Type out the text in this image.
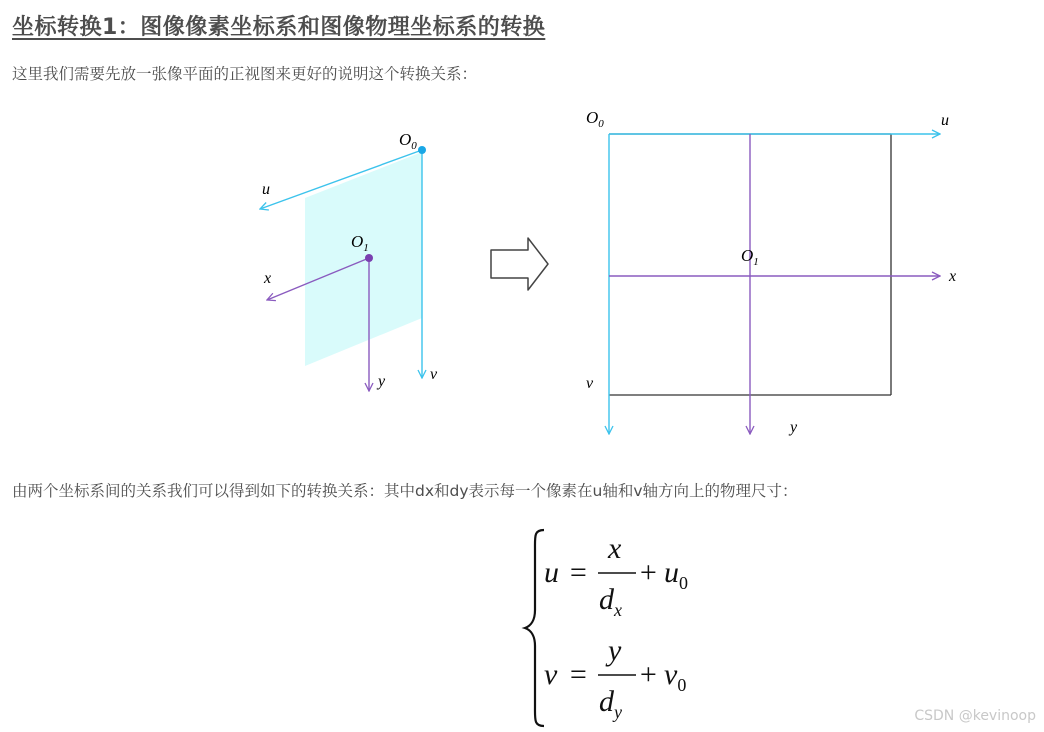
坐标转换1：图像像素坐标系和图像物理坐标系的转换

这里我们需要先放一张像平面的正视图来更好的说明这个转换关系：

$O_0$
$O_1$
u
x
y	v
$O_0$
$O_1$
u
x
v
y

由两个坐标系间的关系我们可以得到如下的转换关系：其中dx和dy表示每一个像素在u轴和v轴方向上的物理尺寸：

u =
x
$d_x$
+ $u_0$
v =
y
$d_y$
+ $v_0$
CSDN @kevinoop
